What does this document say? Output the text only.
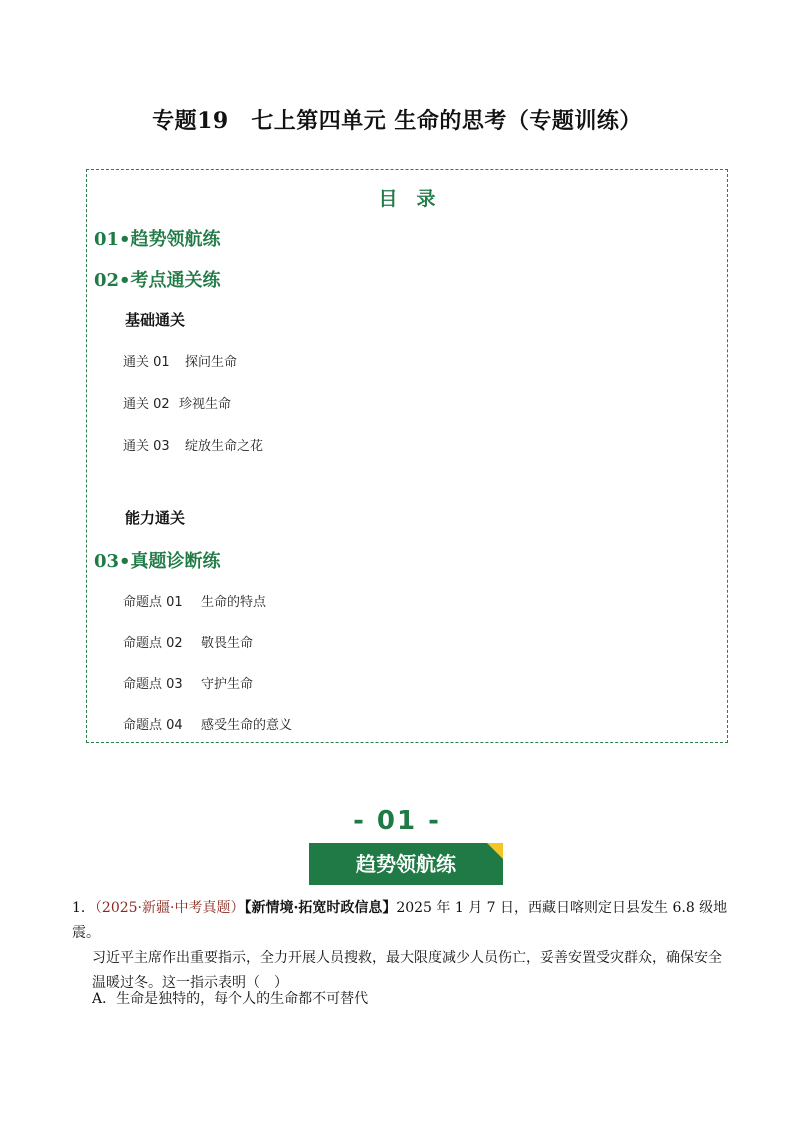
专题19　七上第四单元 生命的思考（专题训练）
目　录
01•趋势领航练
02•考点通关练
基础通关
通关 01 探问生命
通关 02 珍视生命
通关 03 绽放生命之花
能力通关
03•真题诊断练
命题点 01 生命的特点
命题点 02 敬畏生命
命题点 03 守护生命
命题点 04 感受生命的意义
- 01 -
趋势领航练
1．（2025·新疆·中考真题）【新情境·拓宽时政信息】2025 年 1 月 7 日，西藏日喀则定日县发生 6.8 级地震。
习近平主席作出重要指示，全力开展人员搜救，最大限度减少人员伤亡，妥善安置受灾群众，确保安全
温暖过冬。这一指示表明（　）
A．生命是独特的，每个人的生命都不可替代
